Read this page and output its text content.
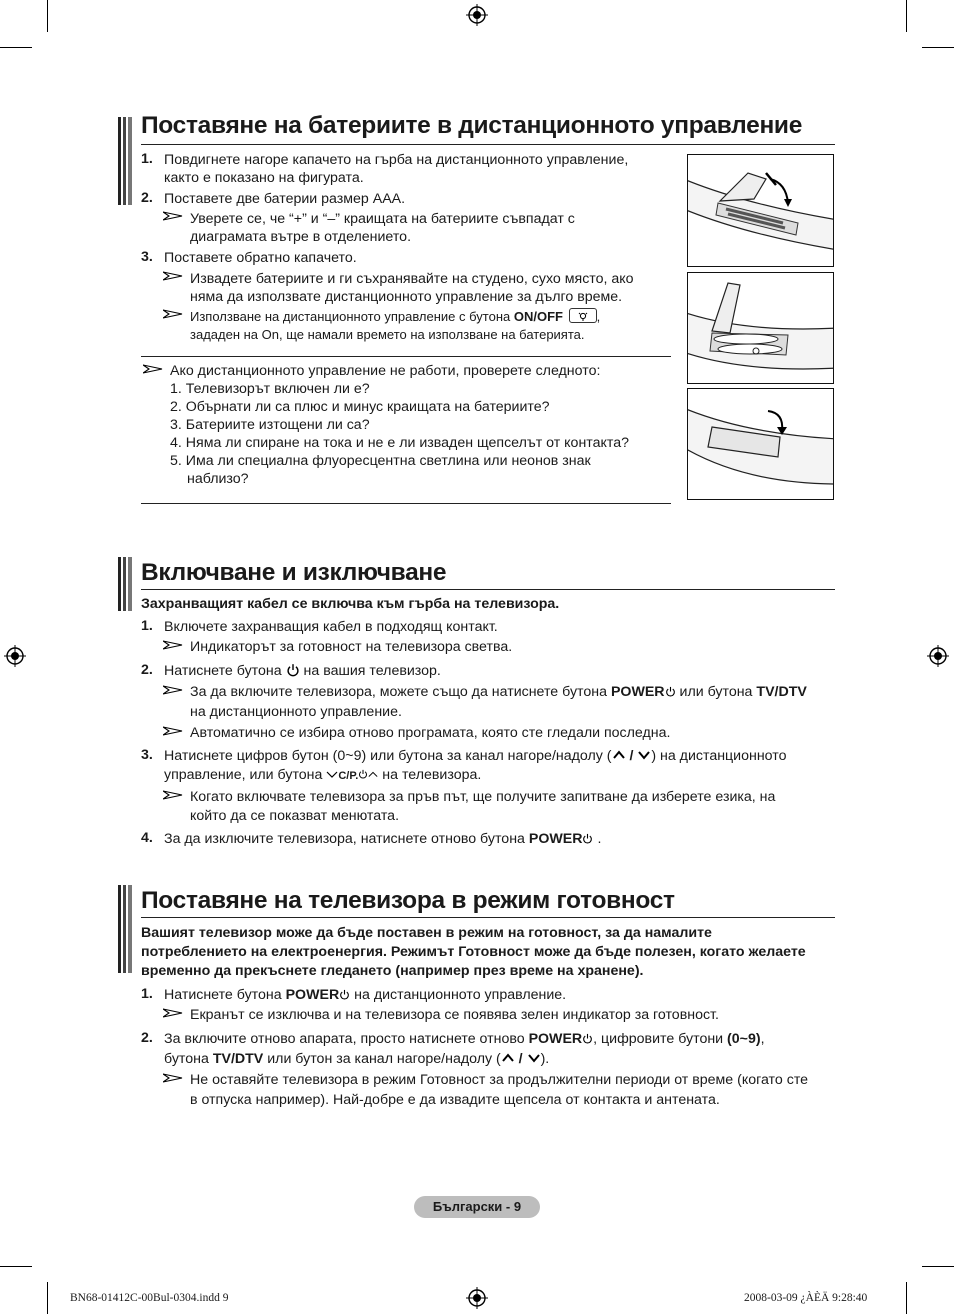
Поставяне на батериите в дистанционното управление
1. Повдигнете нагоре капачето на гърба на дистанционното управление,
както е показано на фигурата.
2. Поставете две батерии размер AAA.
Уверете се, че “+” и “–” краищата на батериите съвпадат с
диаграмата вътре в отделението.
3. Поставете обратно капачето.
Извадете батериите и ги съхранявайте на студено, сухо място, ако
няма да използвате дистанционното управление за дълго време.
Използване на дистанционното управление с бутона ON/OFF	,
зададен на On, ще намали времето на използване на батерията.
Ако дистанционното управление не работи, проверете следното:
1. Телевизорът включен ли е?
2. Обърнати ли са плюс и минус краищата на батериите?
3. Батериите изтощени ли са?
4. Няма ли спиране на тока и не е ли изваден щепселът от контакта?
5. Има ли специална флуоресцентна светлина или неонов знак
наблизо?
Включване и изключване
Захранващият кабел се включва към гърба на телевизора.
1. Включете захранващия кабел в подходящ контакт.
Индикаторът за готовност на телевизора светва.
2. Натиснете бутона на вашия телевизор.
За да включите телевизора, можете също да натиснете бутона POWER или бутона TV/DTV
на дистанционното управление.
Автоматично се избира отново програмата, която сте гледали последна.
3. Натиснете цифров бутон (0~9) или бутона за канал нагоре/надолу ( / ) на дистанционното
управление, или бутона C/P. на телевизора.
Когато включвате телевизора за пръв път, ще получите запитване да изберете езика, на
който да се показват менютата.
4. За да изключите телевизора, натиснете отново бутона POWER .
Поставяне на телевизора в режим готовност
Вашият телевизор може да бъде поставен в режим на готовност, за да намалите
потреблението на електроенергия. Режимът Готовност може да бъде полезен, когато желаете
временно да прекъснете гледането (например през време на хранене).
1. Натиснете бутона POWER на дистанционното управление.
Екранът се изключва и на телевизора се появява зелен индикатор за готовност.
2. За включите отново апарата, просто натиснете отново POWER , цифровите бутони (0~9),
бутона TV/DTV или бутон за канал нагоре/надолу ( / ).
Не оставяйте телевизора в режим Готовност за продължителни периоди от време (когато сте
в отпуска например). Най-добре е да извадите щепсела от контакта и антената.
Български - 9
BN68-01412C-00Bul-0304.indd 9	2008-03-09 ¿ÀÈÄ 9:28:40
